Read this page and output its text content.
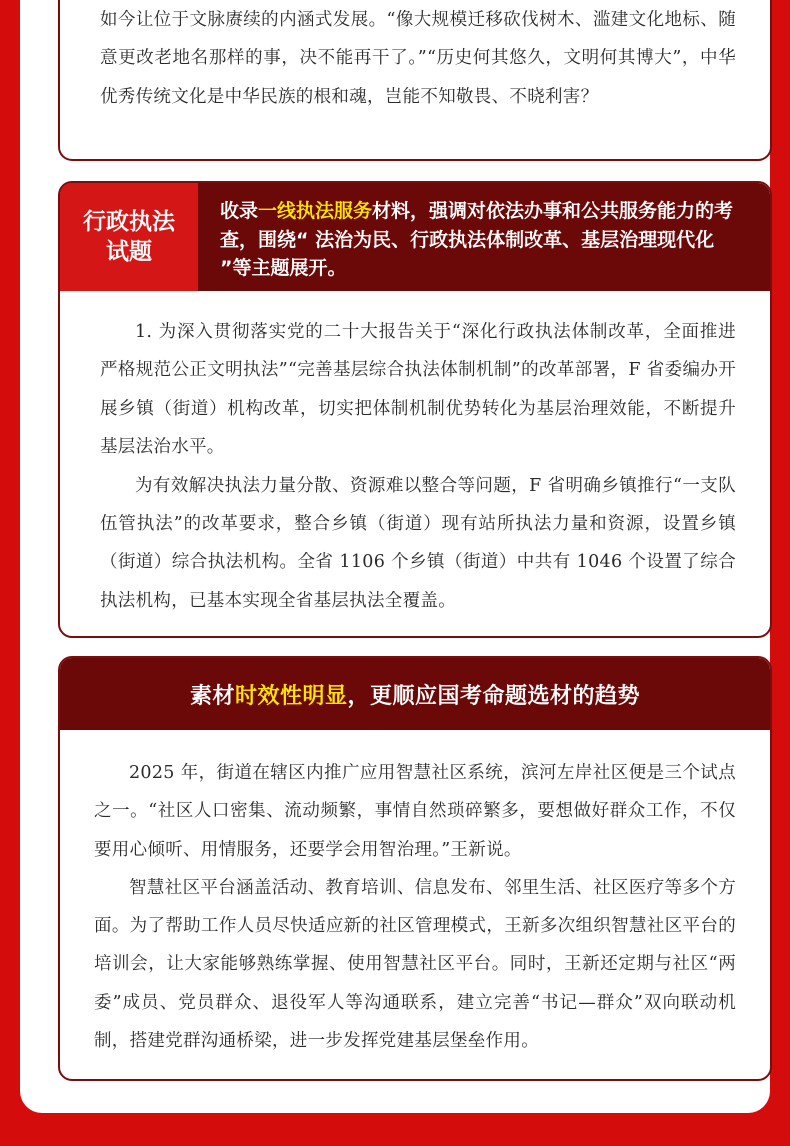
如今让位于文脉赓续的内涵式发展。“像大规模迁移砍伐树木、滥建文化地标、随意更改老地名那样的事，决不能再干了。”“历史何其悠久，文明何其博大”，中华优秀传统文化是中华民族的根和魂，岂能不知敬畏、不晓利害？

行政执法
试题
收录一线执法服务材料，强调对依法办事和公共服务能力的考查，围绕“ 法治为民、行政执法体制改革、基层治理现代化 ”等主题展开。

1. 为深入贯彻落实党的二十大报告关于“深化行政执法体制改革，全面推进严格规范公正文明执法”“完善基层综合执法体制机制”的改革部署，F 省委编办开展乡镇（街道）机构改革，切实把体制机制优势转化为基层治理效能，不断提升基层法治水平。

为有效解决执法力量分散、资源难以整合等问题，F 省明确乡镇推行“一支队伍管执法”的改革要求，整合乡镇（街道）现有站所执法力量和资源，设置乡镇（街道）综合执法机构。全省 1106 个乡镇（街道）中共有 1046 个设置了综合执法机构，已基本实现全省基层执法全覆盖。

素材 时效性明显 ，更顺应国考命题选材的趋势

2025 年，街道在辖区内推广应用智慧社区系统，滨河左岸社区便是三个试点之一。“社区人口密集、流动频繁，事情自然琐碎繁多，要想做好群众工作，不仅要用心倾听、用情服务，还要学会用智治理。”王新说。

智慧社区平台涵盖活动、教育培训、信息发布、邻里生活、社区医疗等多个方面。为了帮助工作人员尽快适应新的社区管理模式，王新多次组织智慧社区平台的培训会，让大家能够熟练掌握、使用智慧社区平台。同时，王新还定期与社区“两委”成员、党员群众、退役军人等沟通联系，建立完善“书记—群众”双向联动机制，搭建党群沟通桥梁，进一步发挥党建基层堡垒作用。
